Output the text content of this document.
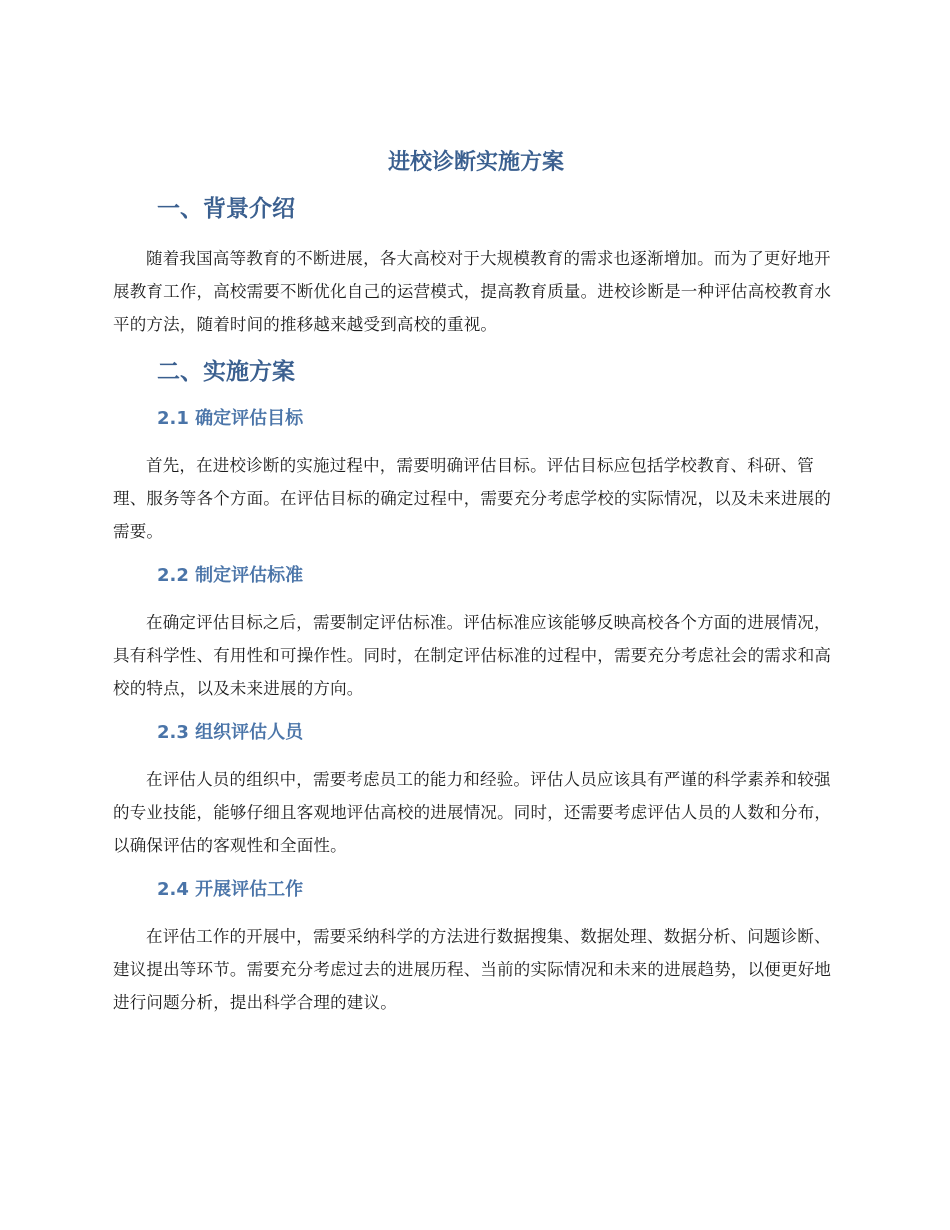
进校诊断实施方案
一、背景介绍

随着我国高等教育的不断进展，各大高校对于大规模教育的需求也逐渐增加。而为了更好地开展教育工作，高校需要不断优化自己的运营模式，提高教育质量。进校诊断是一种评估高校教育水平的方法，随着时间的推移越来越受到高校的重视。

二、实施方案
2.1 确定评估目标

首先，在进校诊断的实施过程中，需要明确评估目标。评估目标应包括学校教育、科研、管理、服务等各个方面。在评估目标的确定过程中，需要充分考虑学校的实际情况，以及未来进展的需要。

2.2 制定评估标准

在确定评估目标之后，需要制定评估标准。评估标准应该能够反映高校各个方面的进展情况，具有科学性、有用性和可操作性。同时，在制定评估标准的过程中，需要充分考虑社会的需求和高校的特点，以及未来进展的方向。

2.3 组织评估人员

在评估人员的组织中，需要考虑员工的能力和经验。评估人员应该具有严谨的科学素养和较强的专业技能，能够仔细且客观地评估高校的进展情况。同时，还需要考虑评估人员的人数和分布，以确保评估的客观性和全面性。

2.4 开展评估工作

在评估工作的开展中，需要采纳科学的方法进行数据搜集、数据处理、数据分析、问题诊断、建议提出等环节。需要充分考虑过去的进展历程、当前的实际情况和未来的进展趋势，以便更好地进行问题分析，提出科学合理的建议。
